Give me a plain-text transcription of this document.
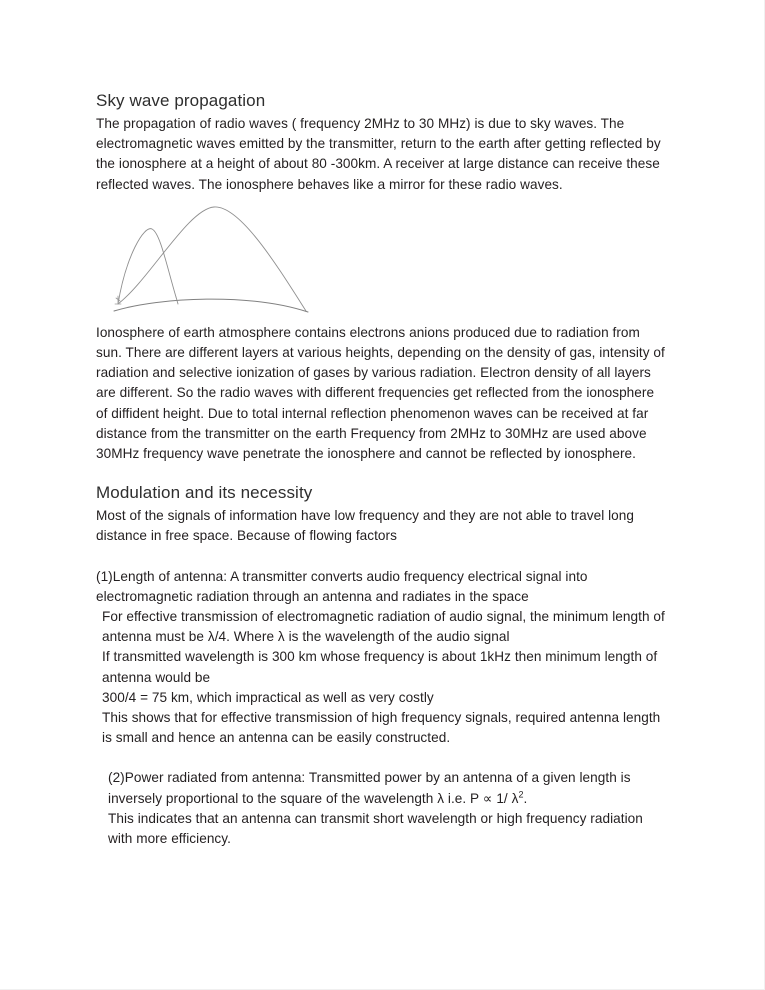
Sky wave propagation

The propagation of radio waves ( frequency 2MHz to 30 MHz) is due to sky waves. The electromagnetic waves emitted by the transmitter, return to the earth after getting reflected by the ionosphere at a height of about 80 -300km. A receiver at large distance can receive these reflected waves. The ionosphere behaves like a mirror for these radio waves.

Ionosphere of earth atmosphere contains electrons anions produced due to radiation from sun. There are different layers at various heights, depending on the density of gas, intensity of radiation and selective ionization of gases by various radiation. Electron density of all layers are different. So the radio waves with different frequencies get reflected from the ionosphere of diffident height. Due to total internal reflection phenomenon waves can be received at far distance from the transmitter on the earth Frequency from 2MHz to 30MHz are used above 30MHz frequency wave penetrate the ionosphere and cannot be reflected by ionosphere.

Modulation and its necessity

Most of the signals of information have low frequency and they are not able to travel long distance in free space. Because of flowing factors

(1)Length of antenna: A transmitter converts audio frequency electrical signal into electromagnetic radiation through an antenna and radiates in the space

For effective transmission of electromagnetic radiation of audio signal, the minimum length of antenna must be λ/4. Where λ is the wavelength of the audio signal

If transmitted wavelength is 300 km whose frequency is about 1kHz then minimum length of antenna would be

300/4 = 75 km, which impractical as well as very costly

This shows that for effective transmission of high frequency signals, required antenna length is small and hence an antenna can be easily constructed.

(2)Power radiated from antenna: Transmitted power by an antenna of a given length is inversely proportional to the square of the wavelength λ i.e. P ∝ 1/ $\lambda^2$.

This indicates that an antenna can transmit short wavelength or high frequency radiation with more efficiency.
